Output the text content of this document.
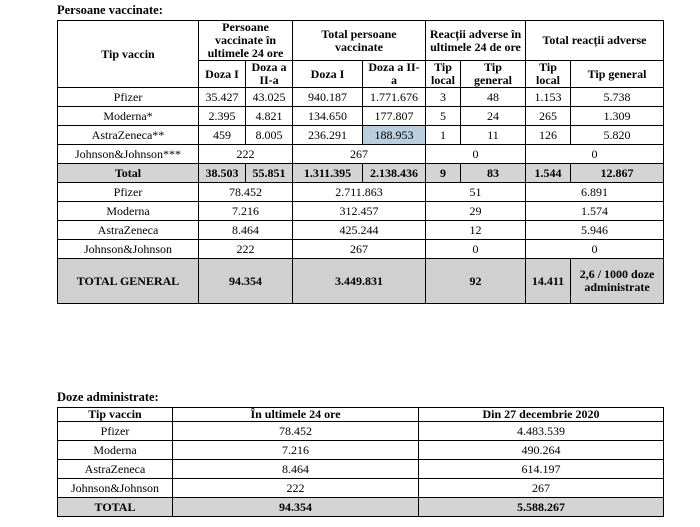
Persoane vaccinate:
Tip vaccin	Persoane vaccinate în ultimele 24 ore		Total persoane vaccinate		Reacții adverse în ultimele 24 de ore		Total reacții adverse	
	Doza I	Doza a II-a	Doza I	Doza a II-a	Tip local	Tip general	Tip local	Tip general
Pfizer	35.427	43.025	940.187	1.771.676	3	48	1.153	5.738
Moderna*	2.395	4.821	134.650	177.807	5	24	265	1.309
AstraZeneca**	459	8.005	236.291	188.953	1	11	126	5.820
Johnson&Johnson***	222		267		0		0	
Total	38.503	55.851	1.311.395	2.138.436	9	83	1.544	12.867
Pfizer	78.452		2.711.863		51		6.891	
Moderna	7.216		312.457		29		1.574	
AstraZeneca	8.464		425.244		12		5.946	
Johnson&Johnson	222		267		0		0	
TOTAL GENERAL	94.354		3.449.831		92		14.411	2,6 / 1000 doze administrate
Doze administrate:
Tip vaccin	În ultimele 24 ore	Din 27 decembrie 2020
Pfizer	78.452	4.483.539
Moderna	7.216	490.264
AstraZeneca	8.464	614.197
Johnson&Johnson	222	267
TOTAL	94.354	5.588.267
